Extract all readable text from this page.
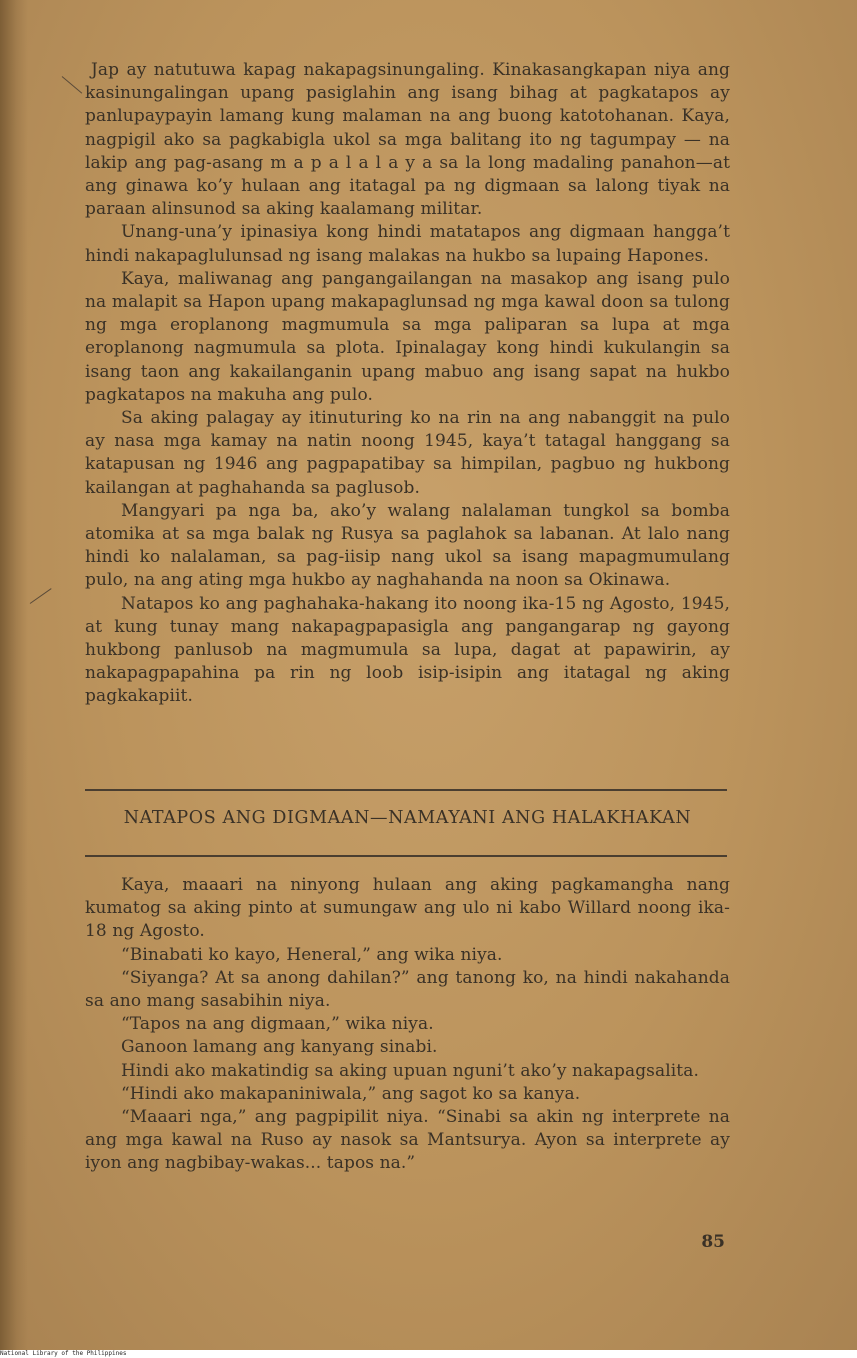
Jap ay natutuwa kapag nakapagsinungaling. Kinakasangkapan niya ang kasinungalingan upang pasiglahin ang isang bihag at pagkatapos ay panlupaypayin lamang kung malaman na ang buong katotohanan. Kaya, nagpigil ako sa pagkabigla ukol sa mga balitang ito ng tagumpay — na lakip ang pag-asang m a p a l a l a y a sa la long madaling panahon—at ang ginawa ko’y hulaan ang itatagal pa ng digmaan sa lalong tiyak na paraan alinsunod sa aking kaalamang militar.

Unang-una’y ipinasiya kong hindi matatapos ang digmaan hangga’t hindi nakapaglulunsad ng isang malakas na hukbo sa lupaing Hapones.

Kaya, maliwanag ang pangangailangan na masakop ang isang pulo na malapit sa Hapon upang makapaglunsad ng mga kawal doon sa tulong ng mga eroplanong magmumula sa mga paliparan sa lupa at mga eroplanong nagmumula sa plota. Ipinalagay kong hindi kukulangin sa isang taon ang kakailanganin upang mabuo ang isang sapat na hukbo pagkatapos na makuha ang pulo.

Sa aking palagay ay itinuturing ko na rin na ang nabanggit na pulo ay nasa mga kamay na natin noong 1945, kaya’t tatagal hanggang sa katapusan ng 1946 ang pagpapatibay sa himpilan, pagbuo ng hukbong kailangan at paghahanda sa paglusob.

Mangyari pa nga ba, ako’y walang nalalaman tungkol sa bomba atomika at sa mga balak ng Rusya sa paglahok sa labanan. At lalo nang hindi ko nalalaman, sa pag-iisip nang ukol sa isang mapagmumulang pulo, na ang ating mga hukbo ay naghahanda na noon sa Okinawa.

Natapos ko ang paghahaka-hakang ito noong ika-15 ng Agosto, 1945, at kung tunay mang nakapagpapasigla ang pangangarap ng gayong hukbong panlusob na magmumula sa lupa, dagat at papawirin, ay nakapagpapahina pa rin ng loob isip-isipin ang itatagal ng aking pagkakapiit.

NATAPOS ANG DIGMAAN—NAMAYANI ANG HALAKHAKAN

Kaya, maaari na ninyong hulaan ang aking pagkamangha nang kumatog sa aking pinto at sumungaw ang ulo ni kabo Willard noong ika-18 ng Agosto.

“Binabati ko kayo, Heneral,” ang wika niya.

“Siyanga? At sa anong dahilan?” ang tanong ko, na hindi nakahanda sa ano mang sasabihin niya.

“Tapos na ang digmaan,” wika niya.

Ganoon lamang ang kanyang sinabi.

Hindi ako makatindig sa aking upuan nguni’t ako’y nakapagsalita.

“Hindi ako makapaniniwala,” ang sagot ko sa kanya.

“Maaari nga,” ang pagpipilit niya. “Sinabi sa akin ng interprete na ang mga kawal na Ruso ay nasok sa Mantsurya. Ayon sa interprete ay iyon ang nagbibay-wakas... tapos na.”

85
National Library of the Philippines
